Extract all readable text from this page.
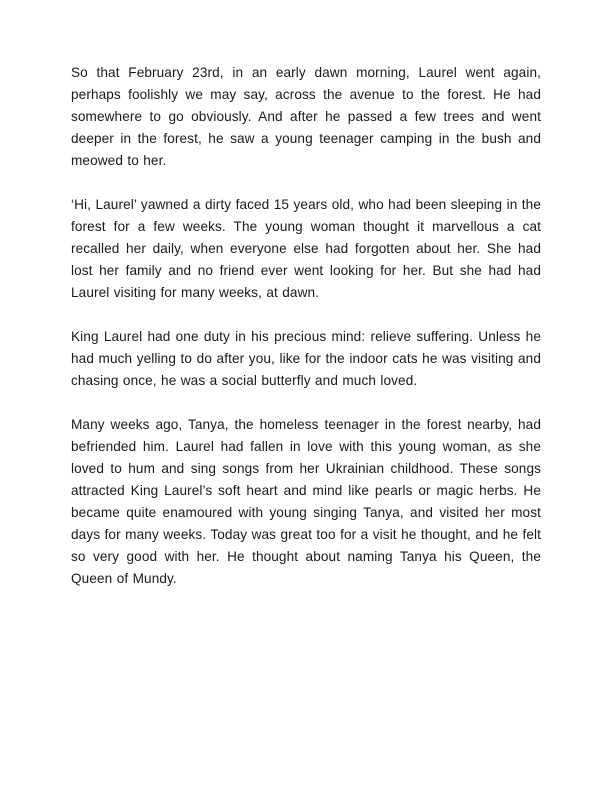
So that February 23rd, in an early dawn morning, Laurel went again, perhaps foolishly we may say, across the avenue to the forest. He had somewhere to go obviously. And after he passed a few trees and went deeper in the forest, he saw a young teenager camping in the bush and meowed to her.

‘Hi, Laurel’ yawned a dirty faced 15 years old, who had been sleeping in the forest for a few weeks. The young woman thought it marvellous a cat recalled her daily, when everyone else had forgotten about her. She had lost her family and no friend ever went looking for her. But she had had Laurel visiting for many weeks, at dawn.

King Laurel had one duty in his precious mind: relieve suffering. Unless he had much yelling to do after you, like for the indoor cats he was visiting and chasing once, he was a social butterfly and much loved.

Many weeks ago, Tanya, the homeless teenager in the forest nearby, had befriended him. Laurel had fallen in love with this young woman, as she loved to hum and sing songs from her Ukrainian childhood. These songs attracted King Laurel’s soft heart and mind like pearls or magic herbs. He became quite enamoured with young singing Tanya, and visited her most days for many weeks. Today was great too for a visit he thought, and he felt so very good with her. He thought about naming Tanya his Queen, the Queen of Mundy.
